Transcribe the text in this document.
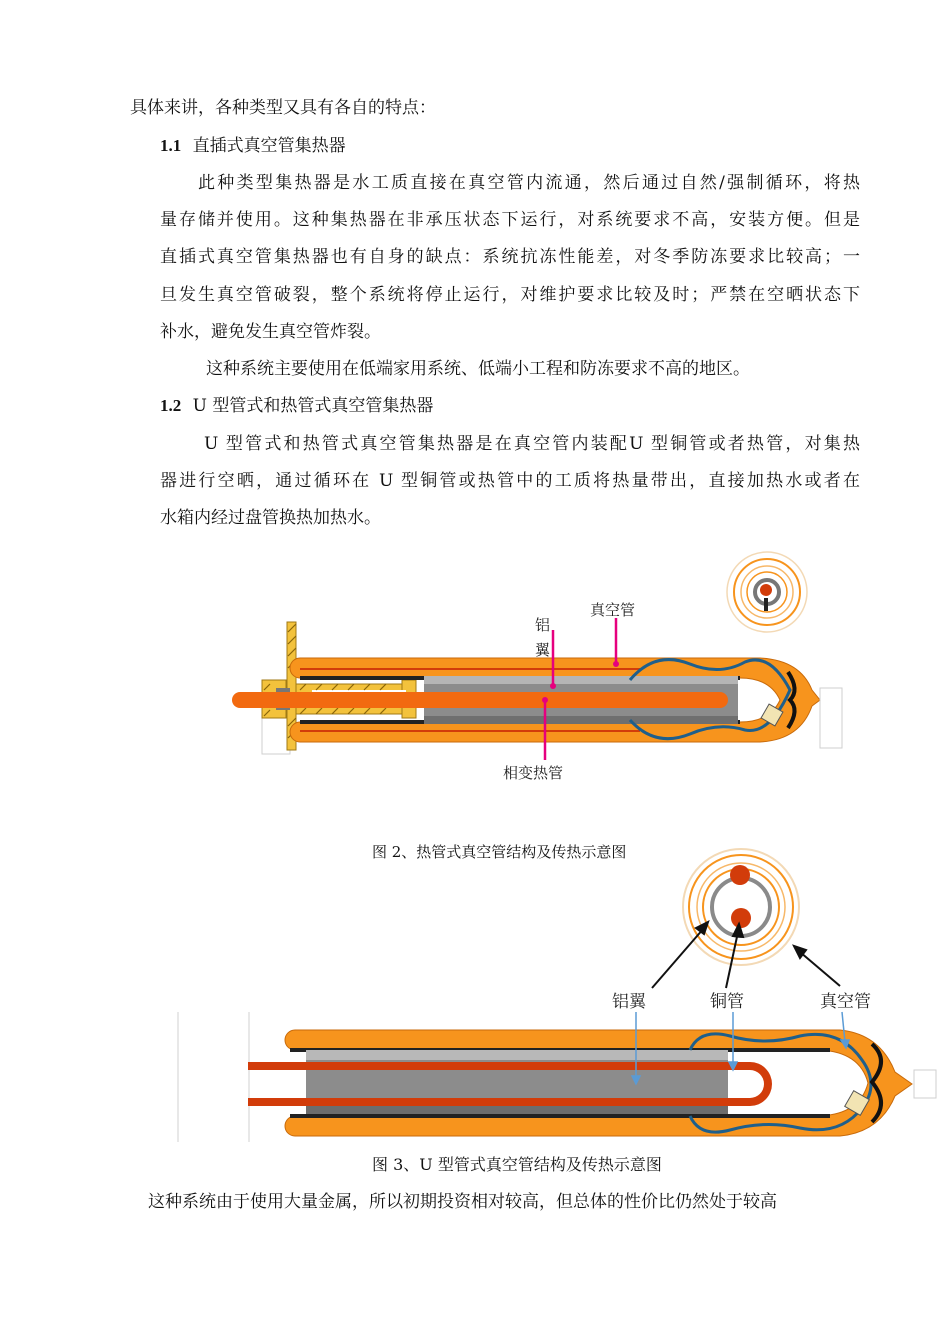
具体来讲，各种类型又具有各自的特点：
1.1 直插式真空管集热器
此种类型集热器是水工质直接在真空管内流通，然后通过自然/强制循环，将热
量存储并使用。这种集热器在非承压状态下运行，对系统要求不高，安装方便。但是
直插式真空管集热器也有自身的缺点：系统抗冻性能差，对冬季防冻要求比较高；一
旦发生真空管破裂，整个系统将停止运行，对维护要求比较及时；严禁在空晒状态下
补水，避免发生真空管炸裂。
这种系统主要使用在低端家用系统、低端小工程和防冻要求不高的地区。
1.2 U 型管式和热管式真空管集热器
U 型管式和热管式真空管集热器是在真空管内装配U 型铜管或者热管，对集热
器进行空晒，通过循环在 U 型铜管或热管中的工质将热量带出，直接加热水或者在
水箱内经过盘管换热加热水。
真空管
铝
翼
相变热管
图 2、热管式真空管结构及传热示意图
铝翼	铜管	真空管
图 3、U 型管式真空管结构及传热示意图
这种系统由于使用大量金属，所以初期投资相对较高，但总体的性价比仍然处于较高
